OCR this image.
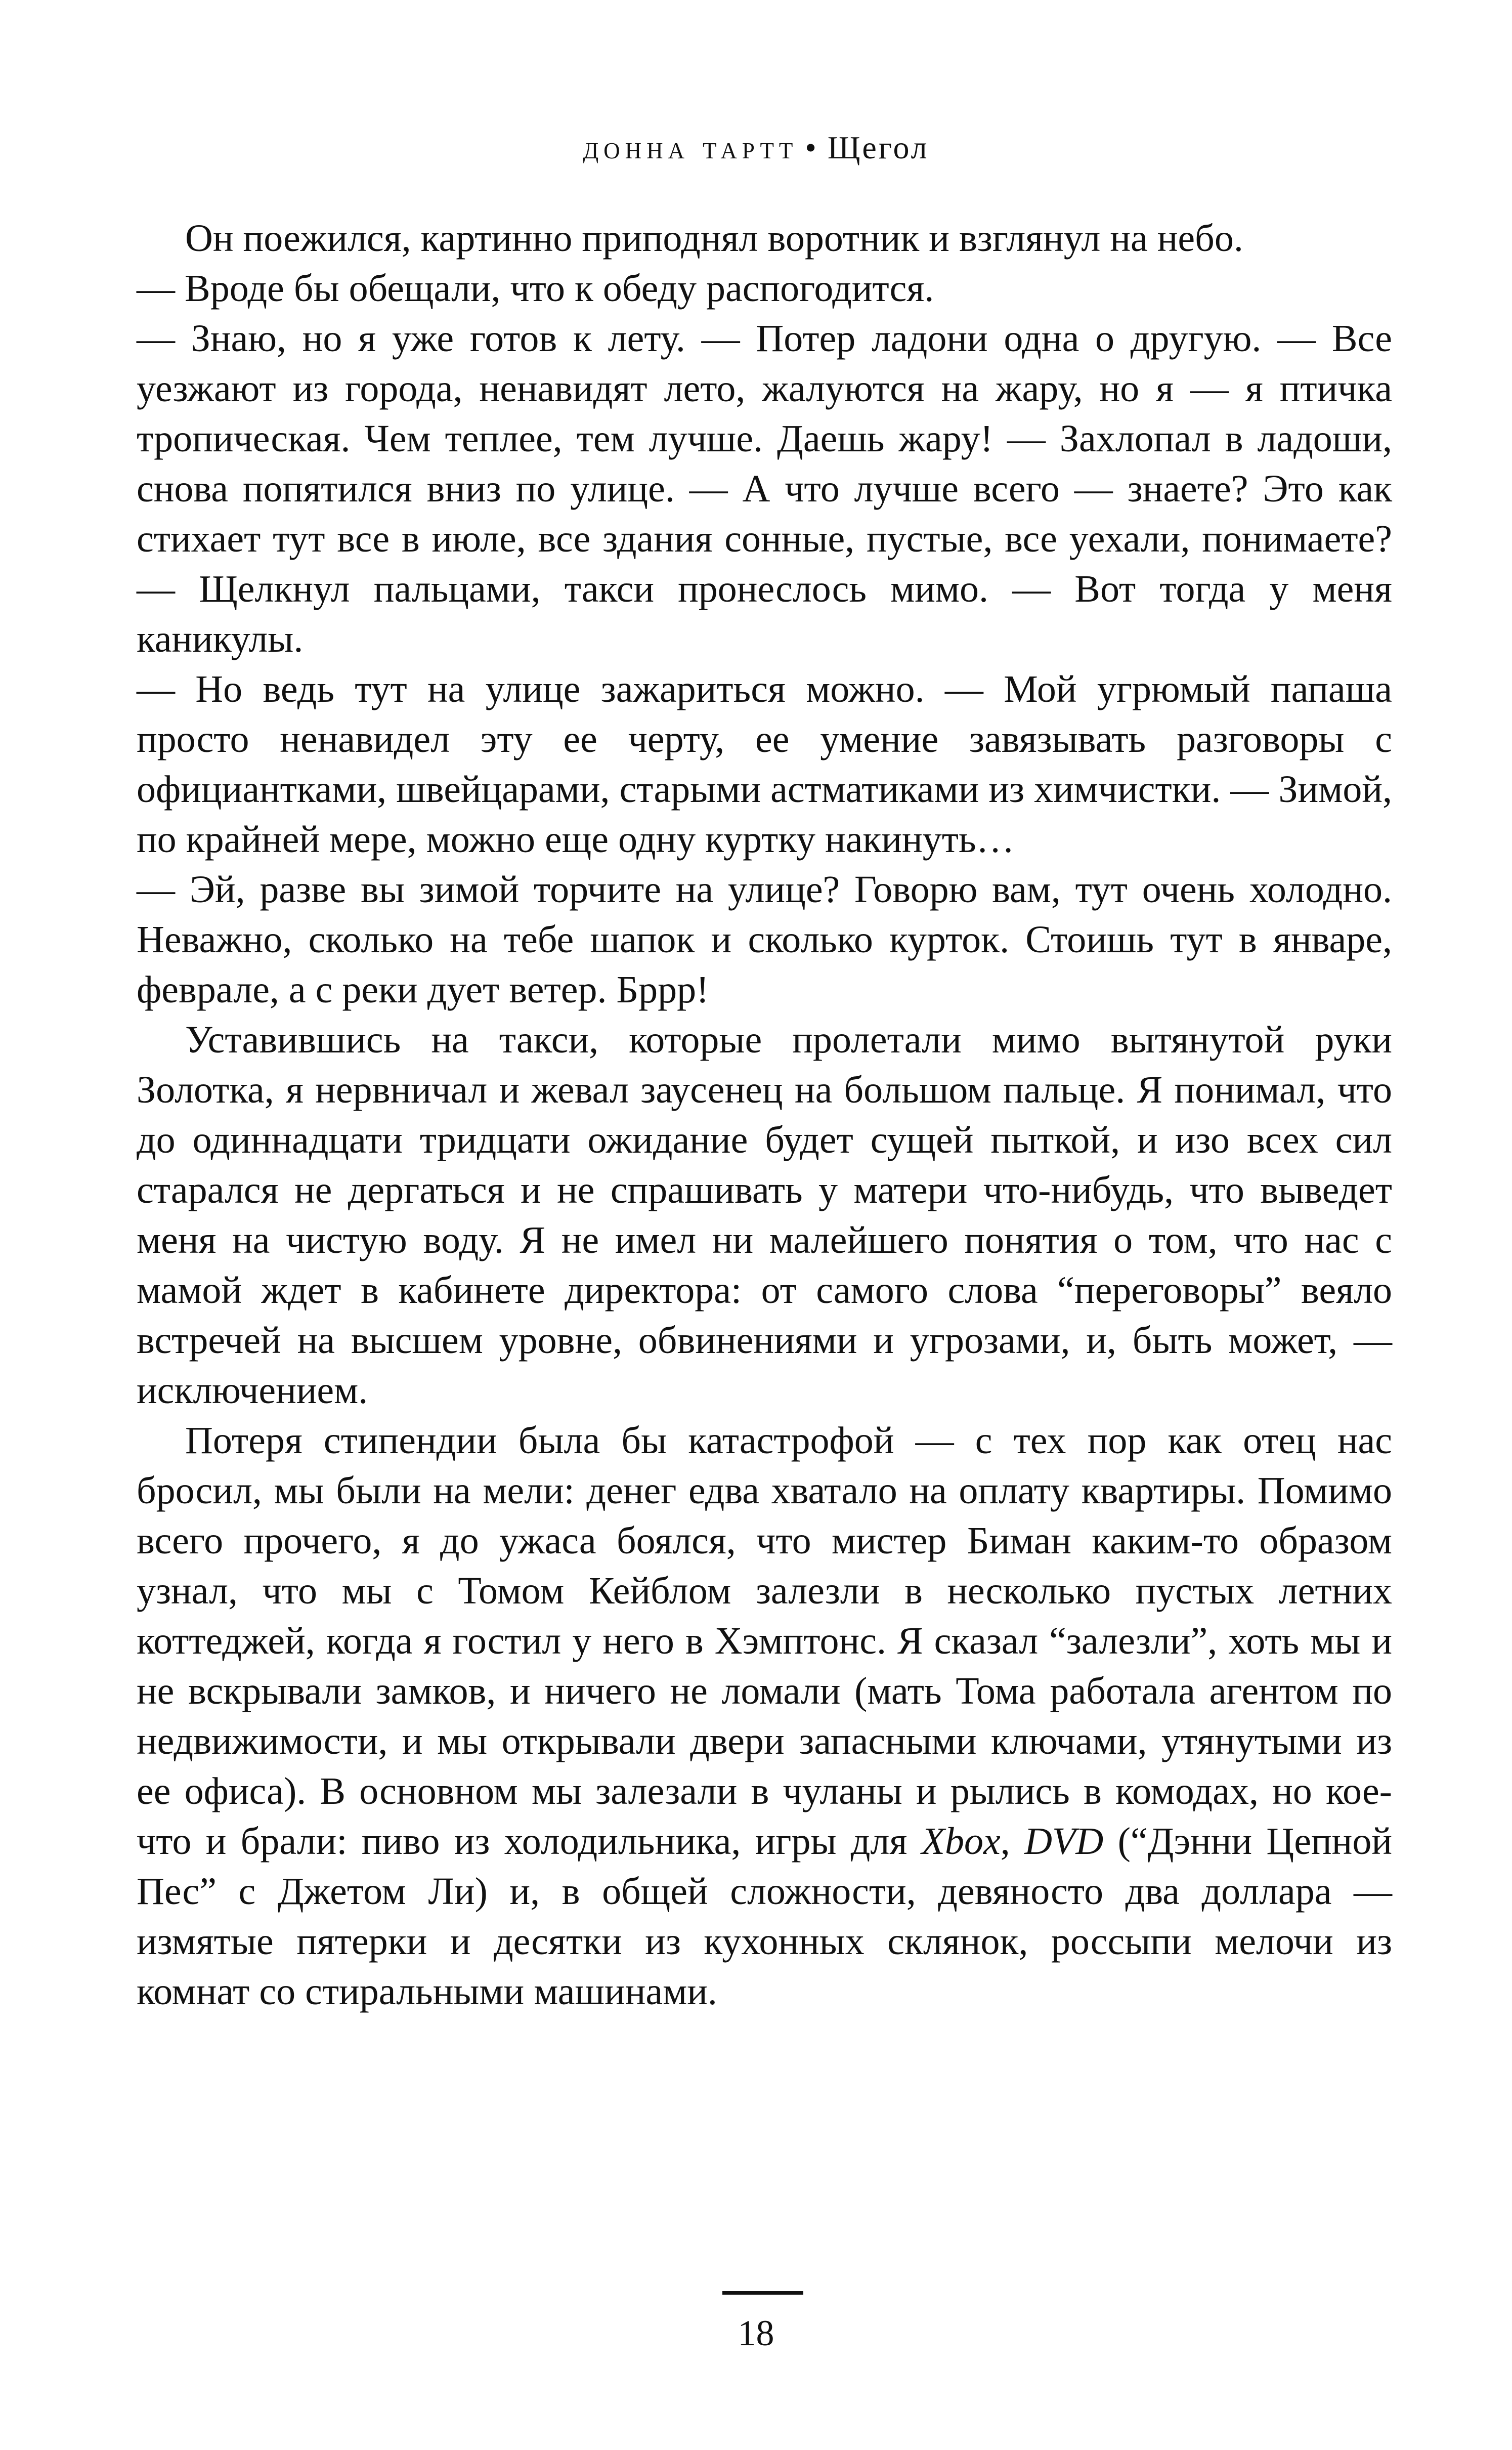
донна тартт • Щегол

Он поежился, картинно приподнял воротник и взглянул на небо.

— Вроде бы обещали, что к обеду распогодится.

— Знаю, но я уже готов к лету. — Потер ладони одна о другую. — Все уезжают из города, ненавидят лето, жалуются на жару, но я — я птичка тропическая. Чем теплее, тем лучше. Даешь жару! — Захлопал в ладоши, снова попятился вниз по улице. — А что лучше всего — знаете? Это как стихает тут все в июле, все здания сонные, пустые, все уехали, понимаете? — Щелкнул пальцами, такси пронеслось мимо. — Вот тогда у меня каникулы.

— Но ведь тут на улице зажариться можно. — Мой угрюмый папаша просто ненавидел эту ее черту, ее умение завязывать разговоры с официантками, швейцарами, старыми астматиками из химчистки. — Зимой, по крайней мере, можно еще одну куртку накинуть…

— Эй, разве вы зимой торчите на улице? Говорю вам, тут очень холодно. Неважно, сколько на тебе шапок и сколько курток. Стоишь тут в январе, феврале, а с реки дует ветер. Бррр!

Уставившись на такси, которые пролетали мимо вытянутой руки Золотка, я нервничал и жевал заусенец на большом пальце. Я понимал, что до одиннадцати тридцати ожидание будет сущей пыткой, и изо всех сил старался не дергаться и не спрашивать у матери что-нибудь, что выведет меня на чистую воду. Я не имел ни малейшего понятия о том, что нас с мамой ждет в кабинете директора: от самого слова “переговоры” веяло встречей на высшем уровне, обвинениями и угрозами, и, быть может, — исключением.

Потеря стипендии была бы катастрофой — с тех пор как отец нас бросил, мы были на мели: денег едва хватало на оплату квартиры. Помимо всего прочего, я до ужаса боялся, что мистер Биман каким-то образом узнал, что мы с Томом Кейблом залезли в несколько пустых летних коттеджей, когда я гостил у него в Хэмптонс. Я сказал “залезли”, хоть мы и не вскрывали замков, и ничего не ломали (мать Тома работала агентом по недвижимости, и мы открывали двери запасными ключами, утянутыми из ее офиса). В основном мы залезали в чуланы и рылись в комодах, но кое-что и брали: пиво из холодильника, игры для Xbox, DVD (“Дэнни Цепной Пес” с Джетом Ли) и, в общей сложности, девяносто два доллара — измятые пятерки и десятки из кухонных склянок, россыпи мелочи из комнат со стиральными машинами.

18
